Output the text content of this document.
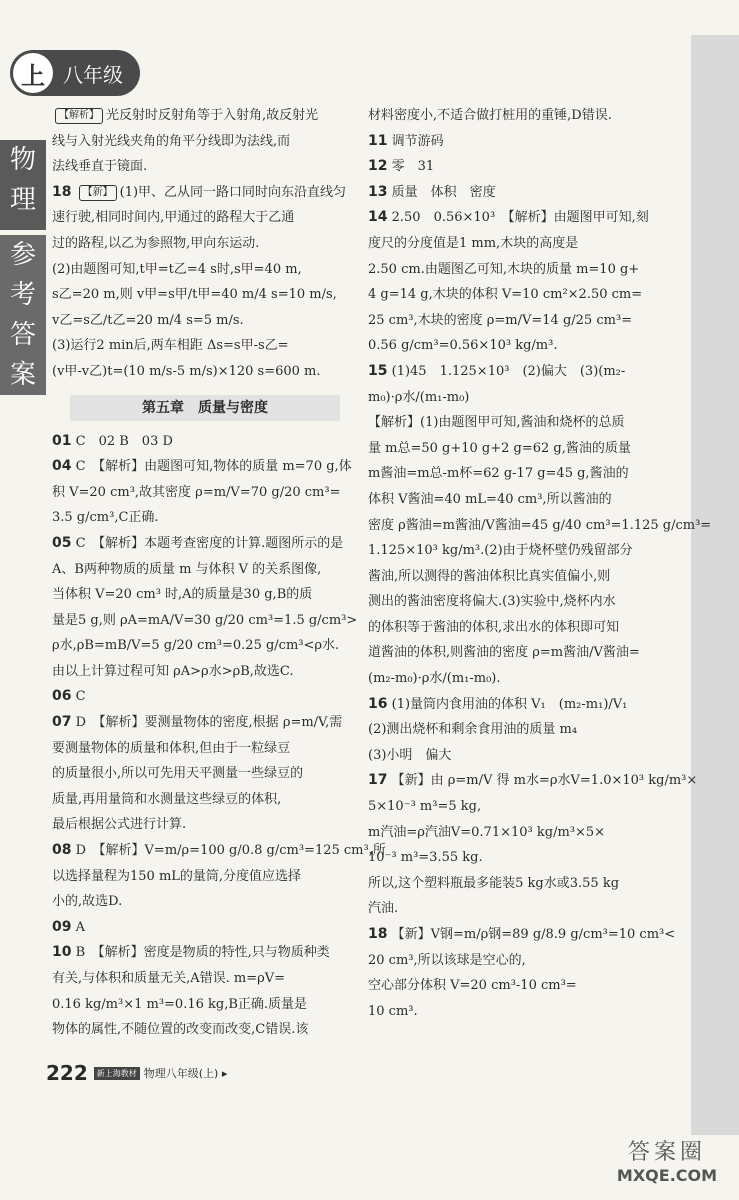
上 八年级
物理
参考答案
【解析】 光反射时反射角等于入射角,故反射光
线与入射光线夹角的角平分线即为法线,而
法线垂直于镜面.
18 【新】 (1)甲、乙从同一路口同时向东沿直线匀
速行驶,相同时间内,甲通过的路程大于乙通
过的路程,以乙为参照物,甲向东运动.
(2)由题图可知,t甲=t乙=4 s时,s甲=40 m,
s乙=20 m,则 v甲=s甲/t甲=40 m/4 s=10 m/s,
v乙=s乙/t乙=20 m/4 s=5 m/s.
(3)运行2 min后,两车相距 Δs=s甲-s乙=
(v甲-v乙)t=(10 m/s-5 m/s)×120 s=600 m.
第五章　质量与密度
01 C　02 B　03 D
04 C　【解析】由题图可知,物体的质量 m=70 g,体
积 V=20 cm³,故其密度 ρ=m/V=70 g/20 cm³=
3.5 g/cm³,C正确.
05 C　【解析】本题考查密度的计算.题图所示的是
A、B两种物质的质量 m 与体积 V 的关系图像,
当体积 V=20 cm³ 时,A的质量是30 g,B的质
量是5 g,则 ρA=mA/V=30 g/20 cm³=1.5 g/cm³>
ρ水,ρB=mB/V=5 g/20 cm³=0.25 g/cm³<ρ水.
由以上计算过程可知 ρA>ρ水>ρB,故选C.
06 C
07 D　【解析】要测量物体的密度,根据 ρ=m/V,需
要测量物体的质量和体积,但由于一粒绿豆
的质量很小,所以可先用天平测量一些绿豆的
质量,再用量筒和水测量这些绿豆的体积,
最后根据公式进行计算.
08 D　【解析】V=m/ρ=100 g/0.8 g/cm³=125 cm³,所
以选择量程为150 mL的量筒,分度值应选择
小的,故选D.
09 A
10 B　【解析】密度是物质的特性,只与物质种类
有关,与体积和质量无关,A错误. m=ρV=
0.16 kg/m³×1 m³=0.16 kg,B正确.质量是
物体的属性,不随位置的改变而改变,C错误.该
材料密度小,不适合做打桩用的重锤,D错误.
11 调节游码
12 零　31
13 质量　体积　密度
14 2.50　0.56×10³　【解析】由题图甲可知,刻
度尺的分度值是1 mm,木块的高度是
2.50 cm.由题图乙可知,木块的质量 m=10 g+
4 g=14 g,木块的体积 V=10 cm²×2.50 cm=
25 cm³,木块的密度 ρ=m/V=14 g/25 cm³=
0.56 g/cm³=0.56×10³ kg/m³.
15 (1)45　1.125×10³　(2)偏大　(3)(m₂-
m₀)·ρ水/(m₁-m₀)
【解析】(1)由题图甲可知,酱油和烧杯的总质
量 m总=50 g+10 g+2 g=62 g,酱油的质量
m酱油=m总-m杯=62 g-17 g=45 g,酱油的
体积 V酱油=40 mL=40 cm³,所以酱油的
密度 ρ酱油=m酱油/V酱油=45 g/40 cm³=1.125 g/cm³=
1.125×10³ kg/m³.(2)由于烧杯壁仍残留部分
酱油,所以测得的酱油体积比真实值偏小,则
测出的酱油密度将偏大.(3)实验中,烧杯内水
的体积等于酱油的体积,求出水的体积即可知
道酱油的体积,则酱油的密度 ρ=m酱油/V酱油=
(m₂-m₀)·ρ水/(m₁-m₀).
16 (1)量筒内食用油的体积 V₁　(m₂-m₁)/V₁
(2)测出烧杯和剩余食用油的质量 m₄
(3)小明　偏大
17 【新】由 ρ=m/V 得 m水=ρ水V=1.0×10³ kg/m³×
5×10⁻³ m³=5 kg,
m汽油=ρ汽油V=0.71×10³ kg/m³×5×
10⁻³ m³=3.55 kg.
所以,这个塑料瓶最多能装5 kg水或3.55 kg
汽油.
18 【新】V钢=m/ρ钢=89 g/8.9 g/cm³=10 cm³<
20 cm³,所以该球是空心的,
空心部分体积 V=20 cm³-10 cm³=
10 cm³.
222	新上海教材 物理八年级(上) ▸
答案圈
MXQE.COM
